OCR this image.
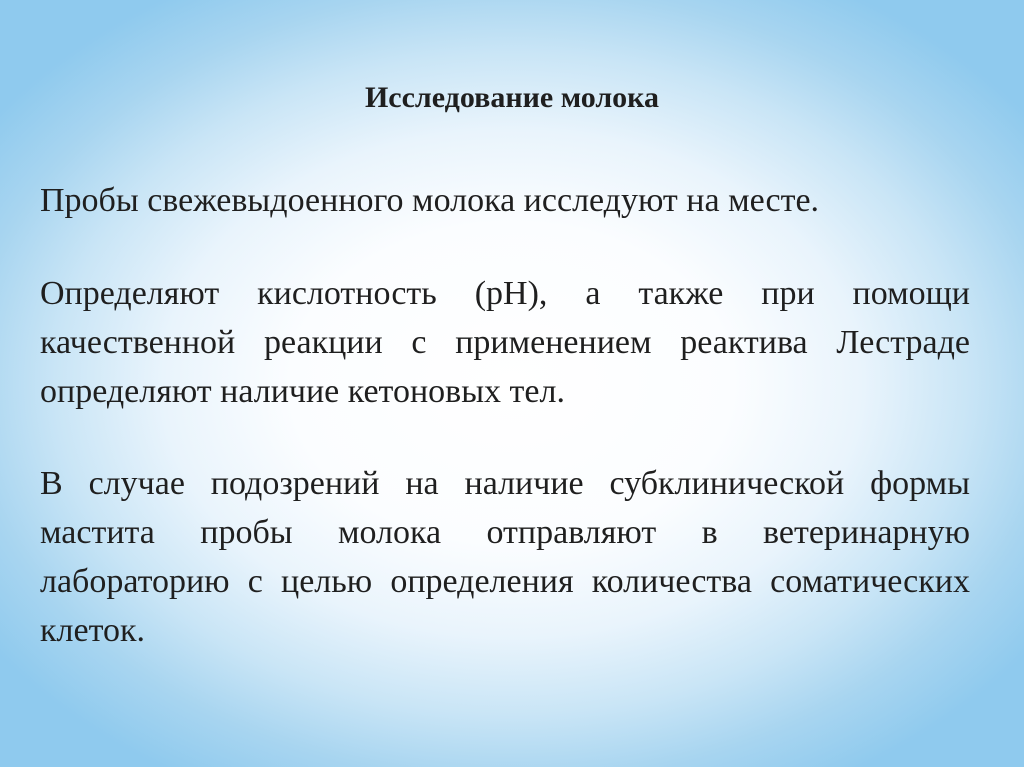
Исследование молока

Пробы свежевыдоенного молока исследуют на месте.

Определяют кислотность (pH), а также при помощи качественной реакции с применением реактива Лестраде определяют наличие кетоновых тел.

В случае подозрений на наличие субклинической формы мастита пробы молока отправляют в ветеринарную лабораторию с целью определения количества соматических клеток.
